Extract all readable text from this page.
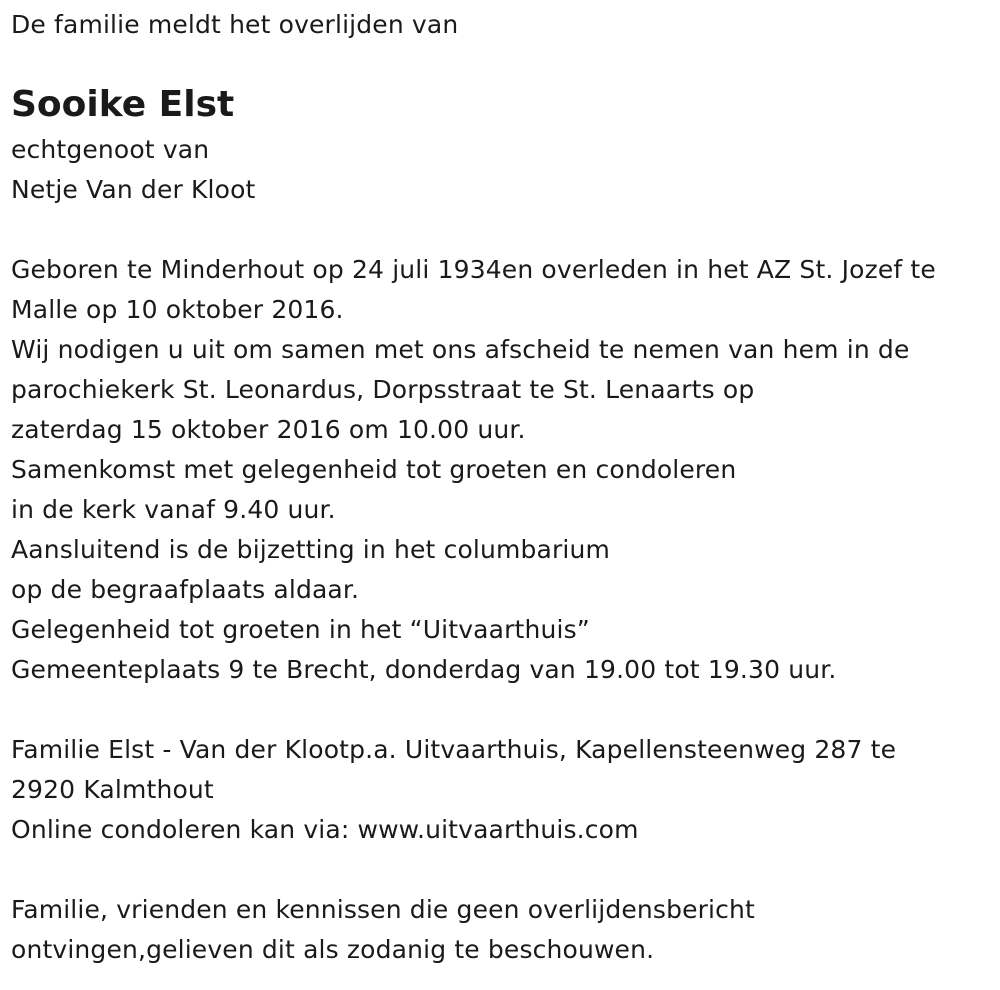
De familie meldt het overlijden van
Sooike Elst
echtgenoot van
Netje Van der Kloot
Geboren te Minderhout op 24 juli 1934en overleden in het AZ St. Jozef te
Malle op 10 oktober 2016.
Wij nodigen u uit om samen met ons afscheid te nemen van hem in de
parochiekerk St. Leonardus, Dorpsstraat te St. Lenaarts op
zaterdag 15 oktober 2016 om 10.00 uur.
Samenkomst met gelegenheid tot groeten en condoleren
in de kerk vanaf 9.40 uur.
Aansluitend is de bijzetting in het columbarium
op de begraafplaats aldaar.
Gelegenheid tot groeten in het “Uitvaarthuis”
Gemeenteplaats 9 te Brecht, donderdag van 19.00 tot 19.30 uur.
Familie Elst - Van der Klootp.a. Uitvaarthuis, Kapellensteenweg 287 te
2920 Kalmthout
Online condoleren kan via: www.uitvaarthuis.com
Familie, vrienden en kennissen die geen overlijdensbericht
ontvingen,gelieven dit als zodanig te beschouwen.
